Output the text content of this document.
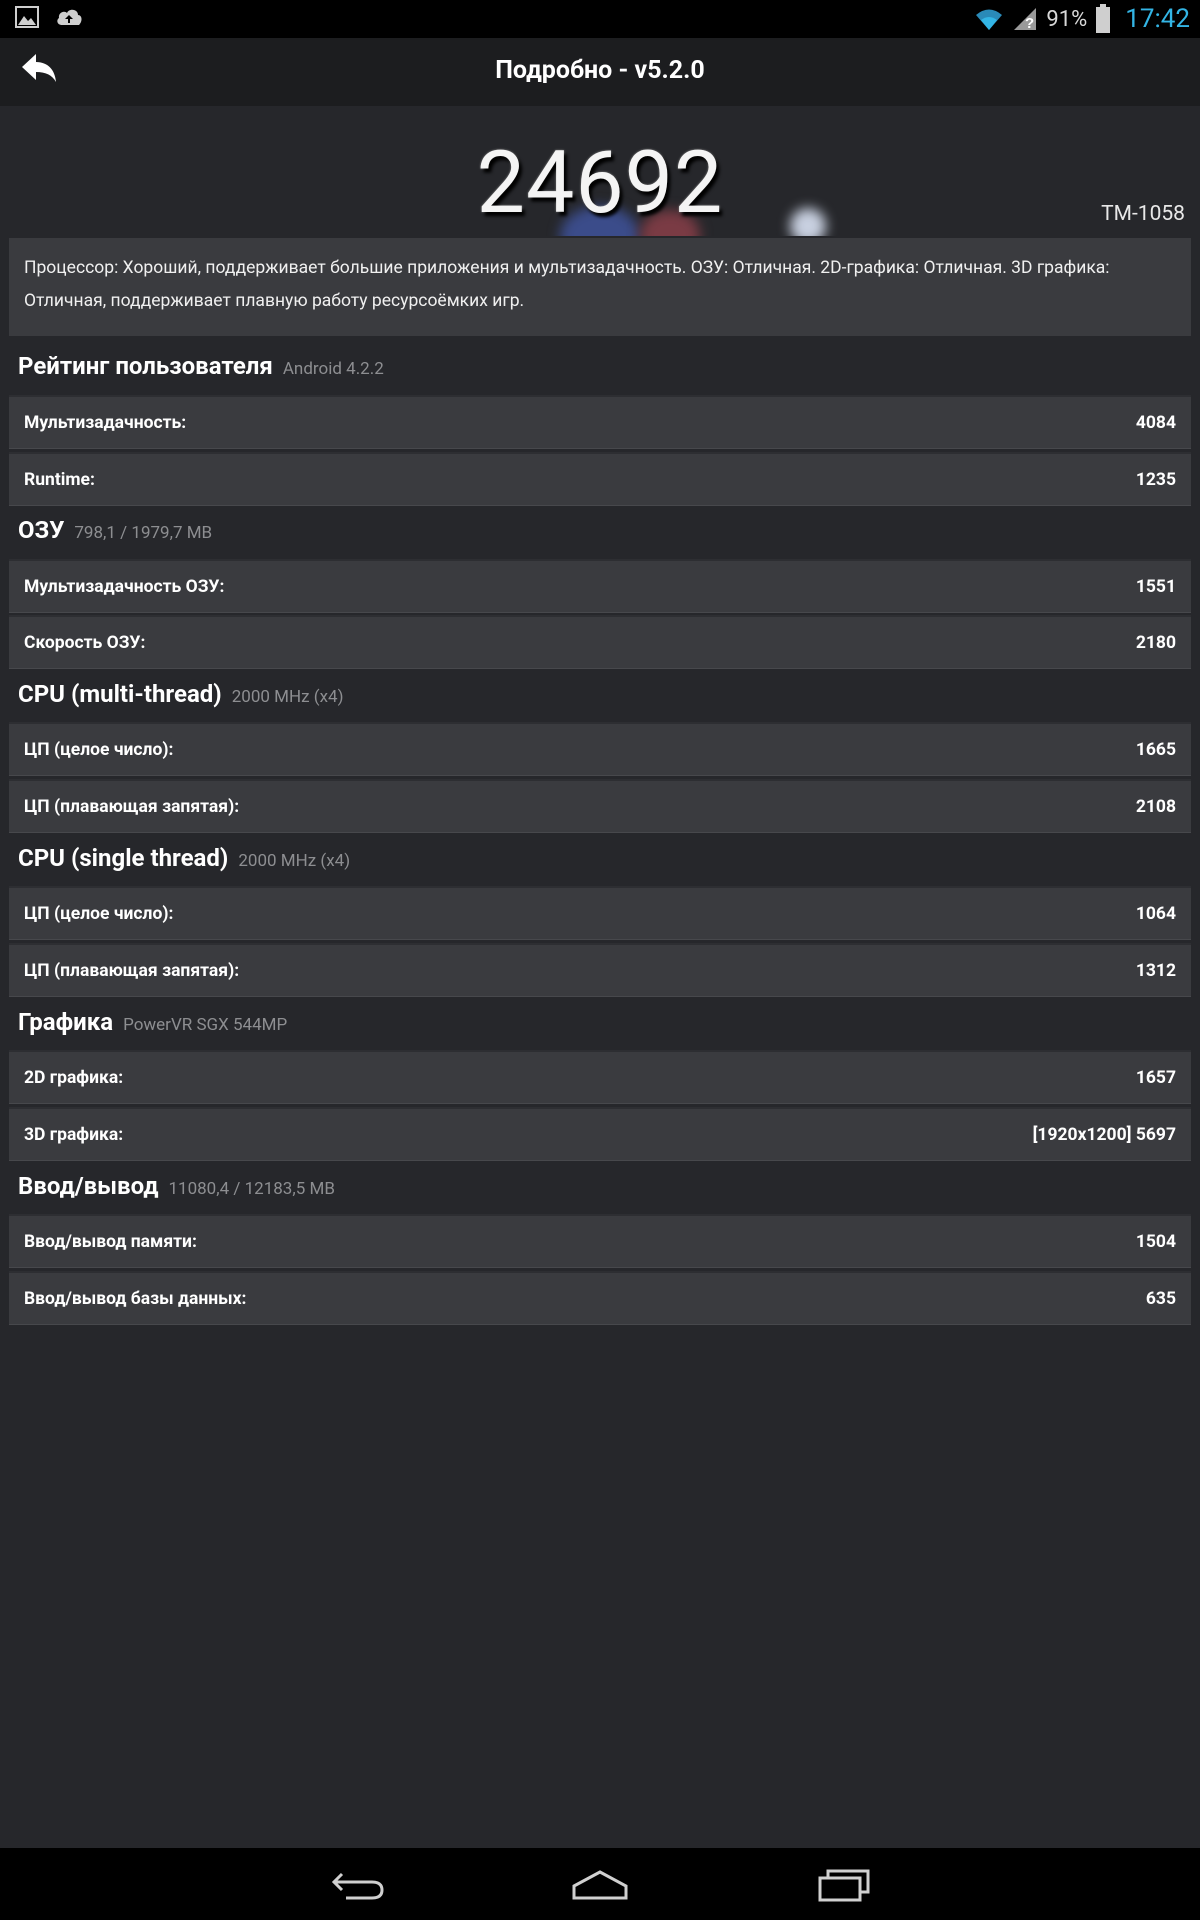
? 91% 17:42
Подробно - v5.2.0
24692	TM-1058
Процессор: Хороший, поддерживает большие приложения и мультизадачность. ОЗУ: Отличная. 2D-графика: Отличная. 3D графика: Отличная, поддерживает плавную работу ресурсоёмких игр.
Рейтинг пользователя Android 4.2.2
Мультизадачность:	4084
Runtime:	1235
ОЗУ 798,1 / 1979,7 MB
Мультизадачность ОЗУ:	1551
Скорость ОЗУ:	2180
CPU (multi-thread) 2000 MHz (x4)
ЦП (целое число):	1665
ЦП (плавающая запятая):	2108
CPU (single thread) 2000 MHz (x4)
ЦП (целое число):	1064
ЦП (плавающая запятая):	1312
Графика PowerVR SGX 544MP
2D графика:	1657
3D графика:	[1920x1200] 5697
Ввод/вывод 11080,4 / 12183,5 MB
Ввод/вывод памяти:	1504
Ввод/вывод базы данных:	635
